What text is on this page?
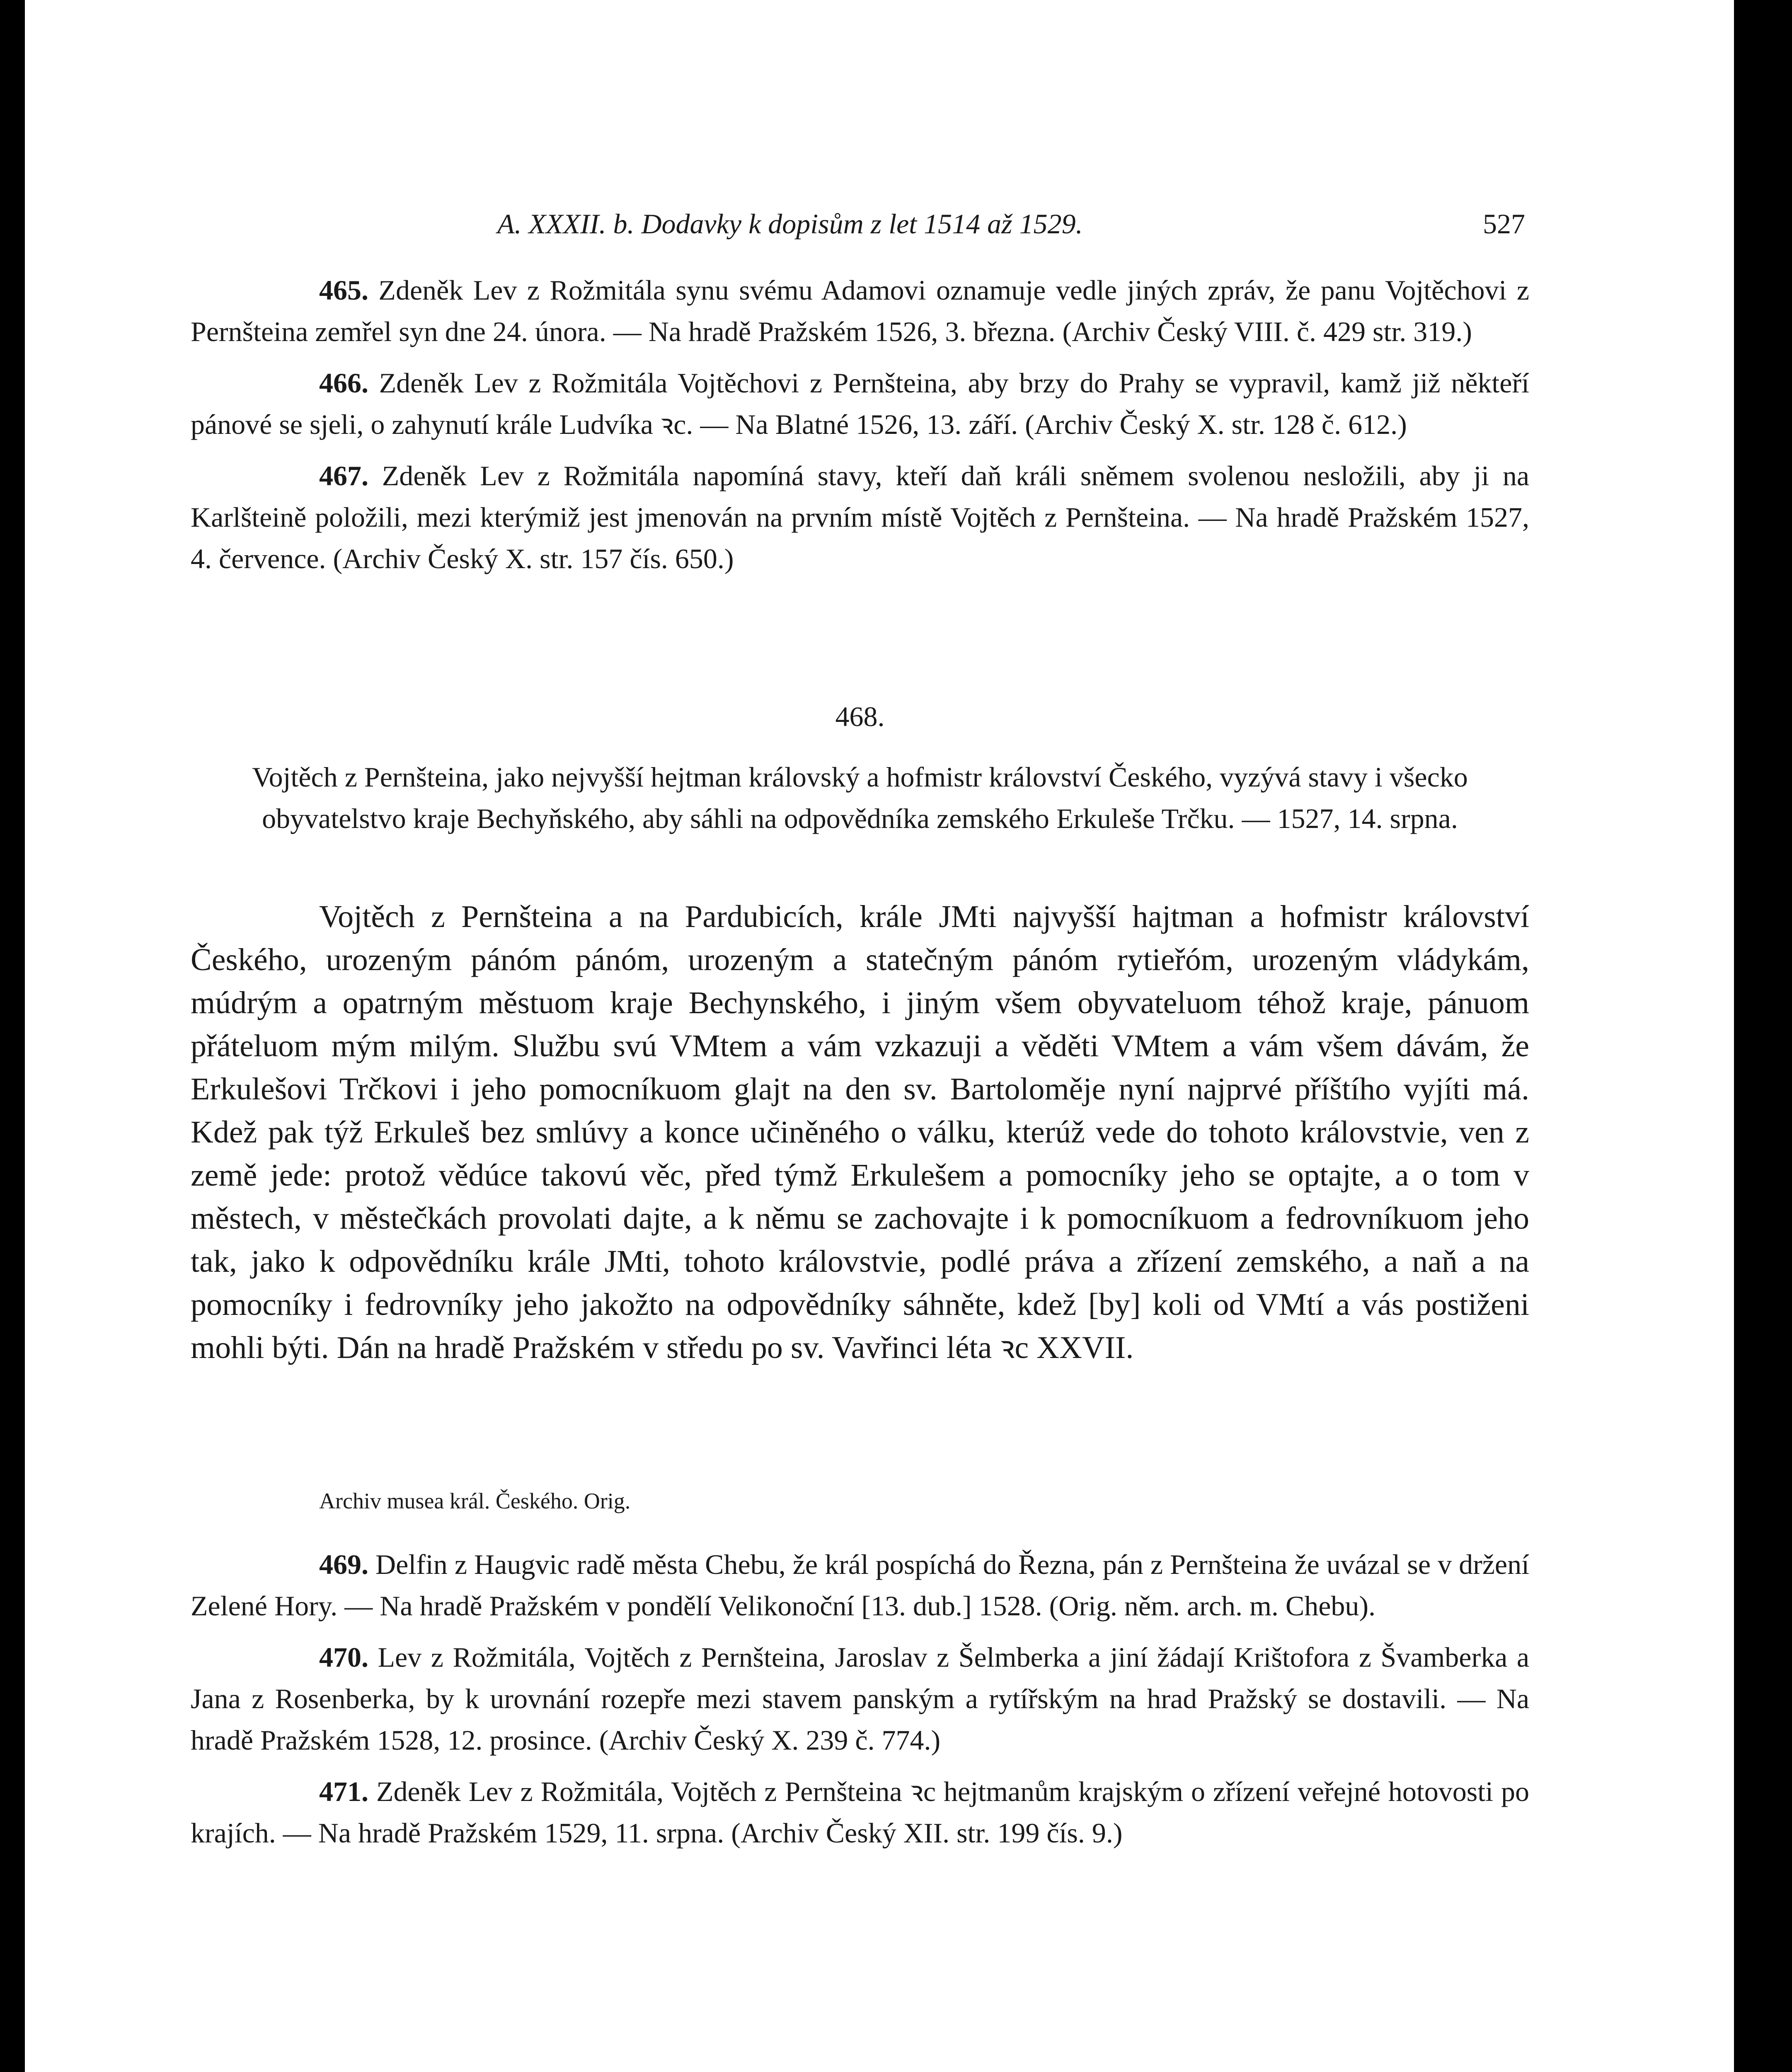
A. XXXII. b. Dodavky k dopisům z let 1514 až 1529.	527

465. Zdeněk Lev z Rožmitála synu svému Adamovi oznamuje vedle jiných zpráv, že panu Vojtěchovi z Pernšteina zemřel syn dne 24. února. — Na hradě Pražském 1526, 3. března. (Archiv Český VIII. č. 429 str. 319.)

466. Zdeněk Lev z Rožmitála Vojtěchovi z Pernšteina, aby brzy do Prahy se vypravil, kamž již někteří pánové se sjeli, o zahynutí krále Ludvíka ꝛc. — Na Blatné 1526, 13. září. (Archiv Český X. str. 128 č. 612.)

467. Zdeněk Lev z Rožmitála napomíná stavy, kteří daň králi sněmem svolenou nesložili, aby ji na Karlšteině položili, mezi kterýmiž jest jmenován na prvním místě Vojtěch z Pernšteina. — Na hradě Pražském 1527, 4. července. (Archiv Český X. str. 157 čís. 650.)

468.

Vojtěch z Pernšteina, jako nejvyšší hejtman královský a hofmistr království Českého, vyzývá stavy i všecko obyvatelstvo kraje Bechyňského, aby sáhli na odpovědníka zemského Erkuleše Trčku. — 1527, 14. srpna.

Vojtěch z Pernšteina a na Pardubicích, krále JMti najvyšší hajtman a hofmistr království Českého, urozeným pánóm pánóm, urozeným a statečným pánóm rytieřóm, urozeným vládykám, múdrým a opatrným městuom kraje Bechynského, i jiným všem obyvateluom téhož kraje, pánuom přáteluom mým milým. Službu svú VMtem a vám vzkazuji a věděti VMtem a vám všem dávám, že Erkulešovi Trčkovi i jeho pomocníkuom glajt na den sv. Bartoloměje nyní najprvé příštího vyjíti má. Kdež pak týž Erkuleš bez smlúvy a konce učiněného o válku, kterúž vede do tohoto královstvie, ven z země jede: protož vědúce takovú věc, před týmž Erkulešem a pomocníky jeho se optajte, a o tom v městech, v městečkách provolati dajte, a k němu se zachovajte i k pomocníkuom a fedrovníkuom jeho tak, jako k odpovědníku krále JMti, tohoto královstvie, podlé práva a zřízení zemského, a naň a na pomocníky i fedrovníky jeho jakožto na odpovědníky sáhněte, kdež [by] koli od VMtí a vás postiženi mohli býti. Dán na hradě Pražském v středu po sv. Vavřinci léta ꝛc XXVII.

Archiv musea král. Českého. Orig.

469. Delfin z Haugvic radě města Chebu, že král pospíchá do Řezna, pán z Pernšteina že uvázal se v držení Zelené Hory. — Na hradě Pražském v pondělí Velikonoční [13. dub.] 1528. (Orig. něm. arch. m. Chebu).

470. Lev z Rožmitála, Vojtěch z Pernšteina, Jaroslav z Šelmberka a jiní žádají Krištofora z Švamberka a Jana z Rosenberka, by k urovnání rozepře mezi stavem panským a rytířským na hrad Pražský se dostavili. — Na hradě Pražském 1528, 12. prosince. (Archiv Český X. 239 č. 774.)

471. Zdeněk Lev z Rožmitála, Vojtěch z Pernšteina ꝛc hejtmanům krajským o zřízení veřejné hotovosti po krajích. — Na hradě Pražském 1529, 11. srpna. (Archiv Český XII. str. 199 čís. 9.)
